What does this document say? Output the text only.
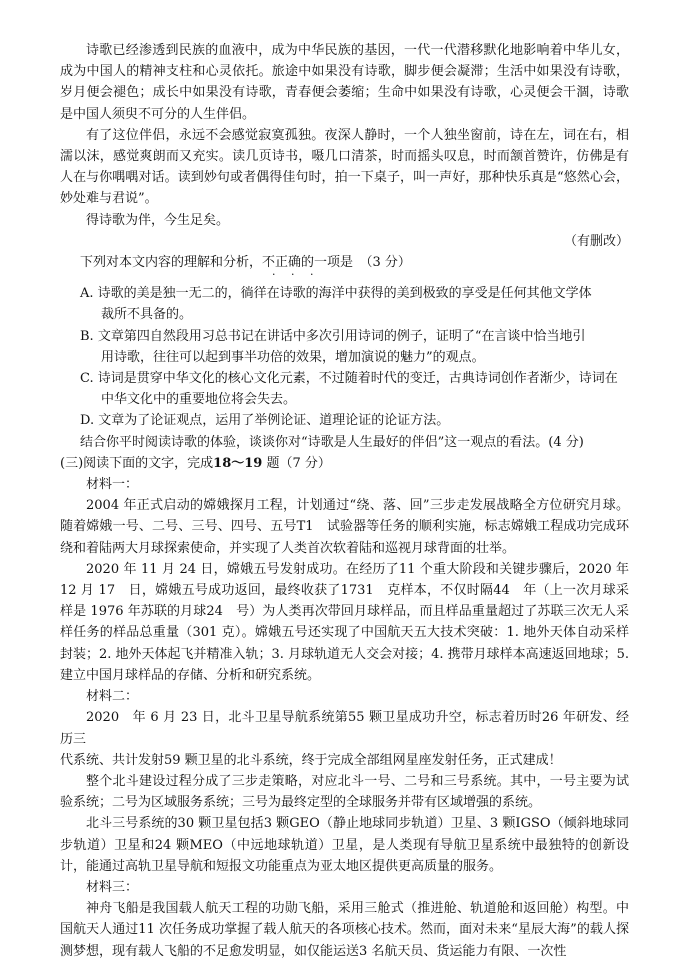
诗歌已经渗透到民族的血液中，成为中华民族的基因，一代一代潜移默化地影响着中华儿女，成为中国人的精神支柱和心灵依托。旅途中如果没有诗歌，脚步便会凝滞；生活中如果没有诗歌，岁月便会褪色；成长中如果没有诗歌，青春便会萎缩；生命中如果没有诗歌，心灵便会干涸，诗歌是中国人须臾不可分的人生伴侣。

有了这位伴侣，永远不会感觉寂寞孤独。夜深人静时，一个人独坐窗前，诗在左，词在右，相濡以沫，感觉爽朗而又充实。读几页诗书，嗫几口清茶，时而摇头叹息，时而颔首赞许，仿佛是有人在与你喁喁对话。读到妙句或者偶得佳句时，拍一下桌子，叫一声好，那种快乐真是“悠然心会，妙处难与君说”。

得诗歌为伴，今生足矣。

（有删改）

下列对本文内容的理解和分析，不正确的一项是　（3 分）

· · ·

A. 诗歌的美是独一无二的，徜徉在诗歌的海洋中获得的美到极致的享受是任何其他文学体

裁所不具备的。

B. 文章第四自然段用习总书记在讲话中多次引用诗词的例子，证明了“在言谈中恰当地引

用诗歌，往往可以起到事半功倍的效果，增加演说的魅力”的观点。

C. 诗词是贯穿中华文化的核心文化元素，不过随着时代的变迁，古典诗词创作者渐少，诗词在

中华文化中的重要地位将会失去。

D. 文章为了论证观点，运用了举例论证、道理论证的论证方法。

结合你平时阅读诗歌的体验，谈谈你对“诗歌是人生最好的伴侣”这一观点的看法。(4 分)

(三)阅读下面的文字，完成18～19 题（7 分）

材料一：

2004 年正式启动的嫦娥探月工程，计划通过“绕、落、回”三步走发展战略全方位研究月球。随着嫦娥一号、二号、三号、四号、五号T1　试验器等任务的顺利实施，标志嫦娥工程成功完成环绕和着陆两大月球探索使命，并实现了人类首次软着陆和巡视月球背面的壮举。

2020 年 11 月 24 日，嫦娥五号发射成功。在经历了11 个重大阶段和关键步骤后，2020 年 12 月 17　日，嫦娥五号成功返回，最终收获了1731　克样本，不仅时隔44　年（上一次月球采样是 1976 年苏联的月球24　号）为人类再次带回月球样品，而且样品重量超过了苏联三次无人采样任务的样品总重量（301 克）。嫦娥五号还实现了中国航天五大技术突破：1. 地外天体自动采样封装；2. 地外天体起飞并精准入轨；3. 月球轨道无人交会对接；4. 携带月球样本高速返回地球；5. 建立中国月球样品的存储、分析和研究系统。

材料二：

2020　年 6 月 23 日，北斗卫星导航系统第55 颗卫星成功升空，标志着历时26 年研发、经历三

代系统、共计发射59 颗卫星的北斗系统，终于完成全部组网星座发射任务，正式建成！

整个北斗建设过程分成了三步走策略，对应北斗一号、二号和三号系统。其中，一号主要为试验系统；二号为区域服务系统；三号为最终定型的全球服务并带有区域增强的系统。

北斗三号系统的30 颗卫星包括3 颗GEO（静止地球同步轨道）卫星、3 颗IGSO（倾斜地球同步轨道）卫星和24 颗MEO（中远地球轨道）卫星，是人类现有导航卫星系统中最独特的创新设计，能通过高轨卫星导航和短报文功能重点为亚太地区提供更高质量的服务。

材料三：

神舟飞船是我国载人航天工程的功勋飞船，采用三舱式（推进舱、轨道舱和返回舱）构型。中国航天人通过11 次任务成功掌握了载人航天的各项核心技术。然而，面对未来“星辰大海”的载人探测梦想，现有载人飞船的不足愈发明显，如仅能运送3 名航天员、货运能力有限、一次性
